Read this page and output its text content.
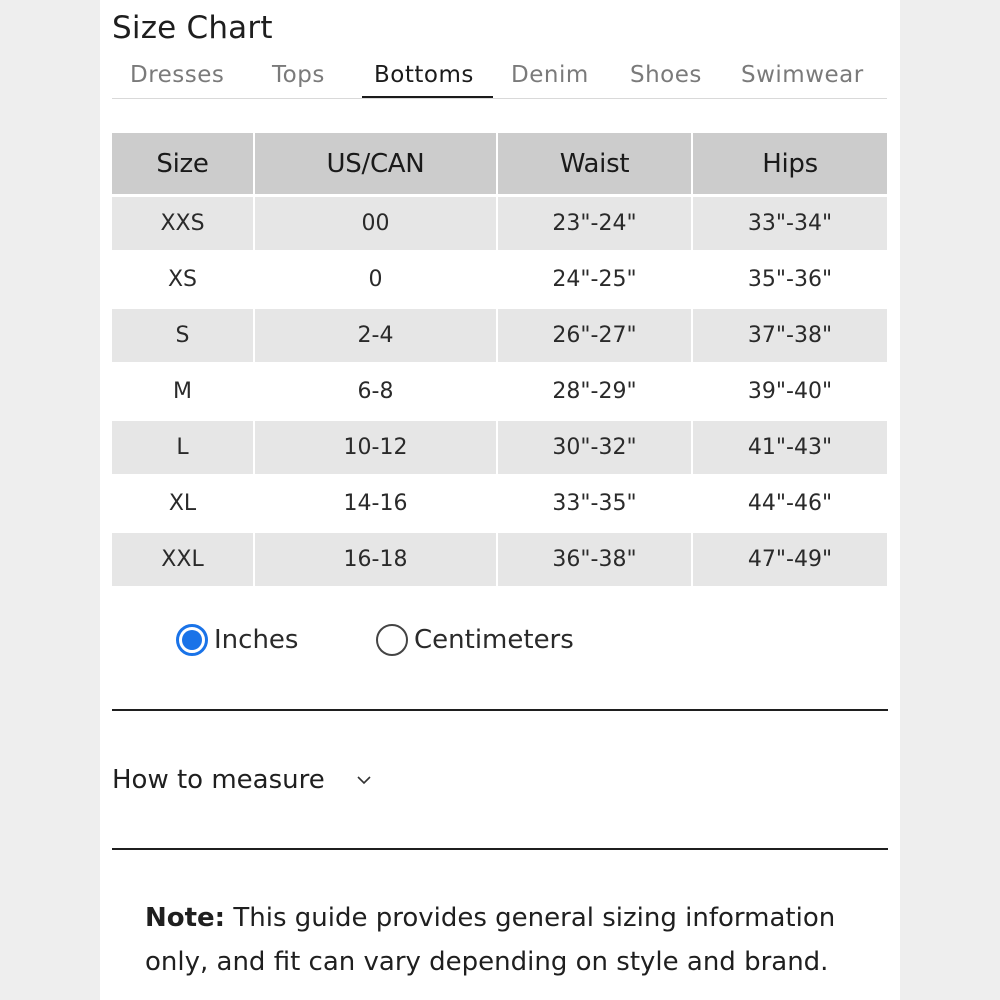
Size Chart
Dresses Tops Bottoms Denim Shoes Swimwear
Size	US/CAN	Waist	Hips
XXS	00	23"-24"	33"-34"
XS	0	24"-25"	35"-36"
S	2-4	26"-27"	37"-38"
M	6-8	28"-29"	39"-40"
L	10-12	30"-32"	41"-43"
XL	14-16	33"-35"	44"-46"
XXL	16-18	36"-38"	47"-49"
Inches	Centimeters
How to measure
Note: This guide provides general sizing information only, and fit can vary depending on style and brand.
